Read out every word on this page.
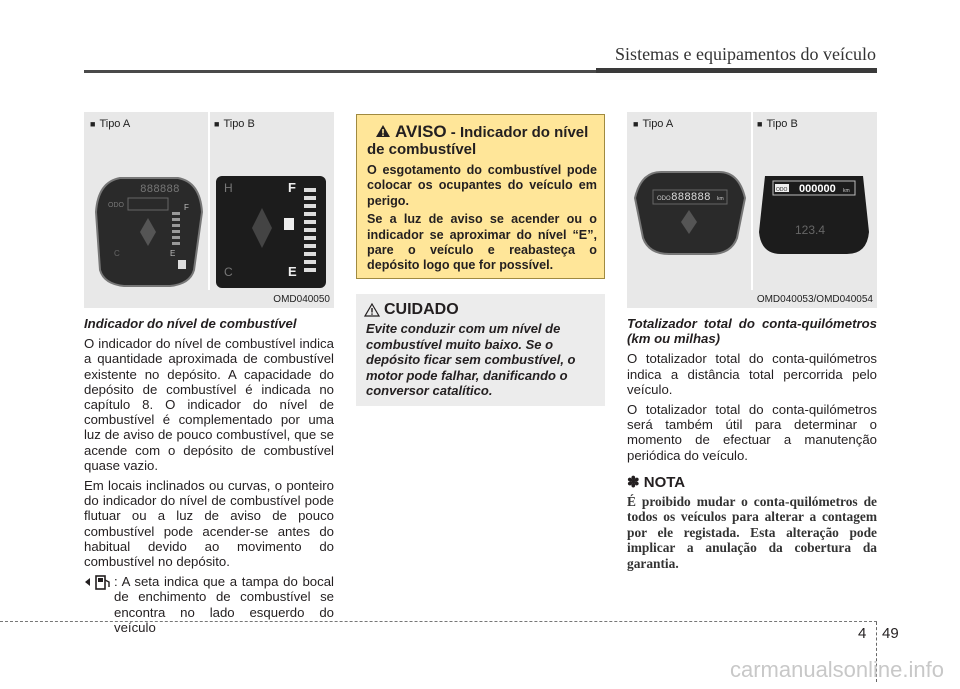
Sistemas e equipamentos do veículo
■ Tipo A	■ Tipo B
888888
ODO	F
E
C
H
C
F
E
OMD040050

Indicador do nível de combustível

O indicador do nível de combustível indica a quantidade aproximada de combustível existente no depósito. A capacidade do depósito de combustível é indicada no capítulo 8. O indicador do nível de combustível é complementado por uma luz de aviso de pouco combustível, que se acende com o depósito de combustível quase vazio.

Em locais inclinados ou curvas, o ponteiro do indicador do nível de combustível pode flutuar ou a luz de aviso de pouco combustível pode acender-se antes do habitual devido ao movimento do combustível no depósito.

: A seta indica que a tampa do bocal de enchimento de combustível se encontra no lado esquerdo do veículo
AVISO - Indicador do nível de combustível

O esgotamento do combustível pode colocar os ocupantes do veículo em perigo.

Se a luz de aviso se acender ou o indicador se aproximar do nível “E”, pare o veículo e reabasteça o depósito logo que for possível.

CUIDADO
Evite conduzir com um nível de combustível muito baixo. Se o depósito ficar sem combustível, o motor pode falhar, danificando o conversor catalítico.
■ Tipo A	■ Tipo B
ODO 888888 km
ODO 000000 km
123.4
OMD040053/OMD040054

Totalizador total do conta-quilómetros (km ou milhas)

O totalizador total do conta-quilómetros indica a distância total percorrida pelo veículo.

O totalizador total do conta-quilómetros será também útil para determinar o momento de efectuar a manutenção periódica do veículo.

✽ NOTA
É proibido mudar o conta-quilómetros de todos os veículos para alterar a contagem por ele registada. Esta alteração pode implicar a anulação da cobertura da garantia.
4 49
carmanualsonline.info
